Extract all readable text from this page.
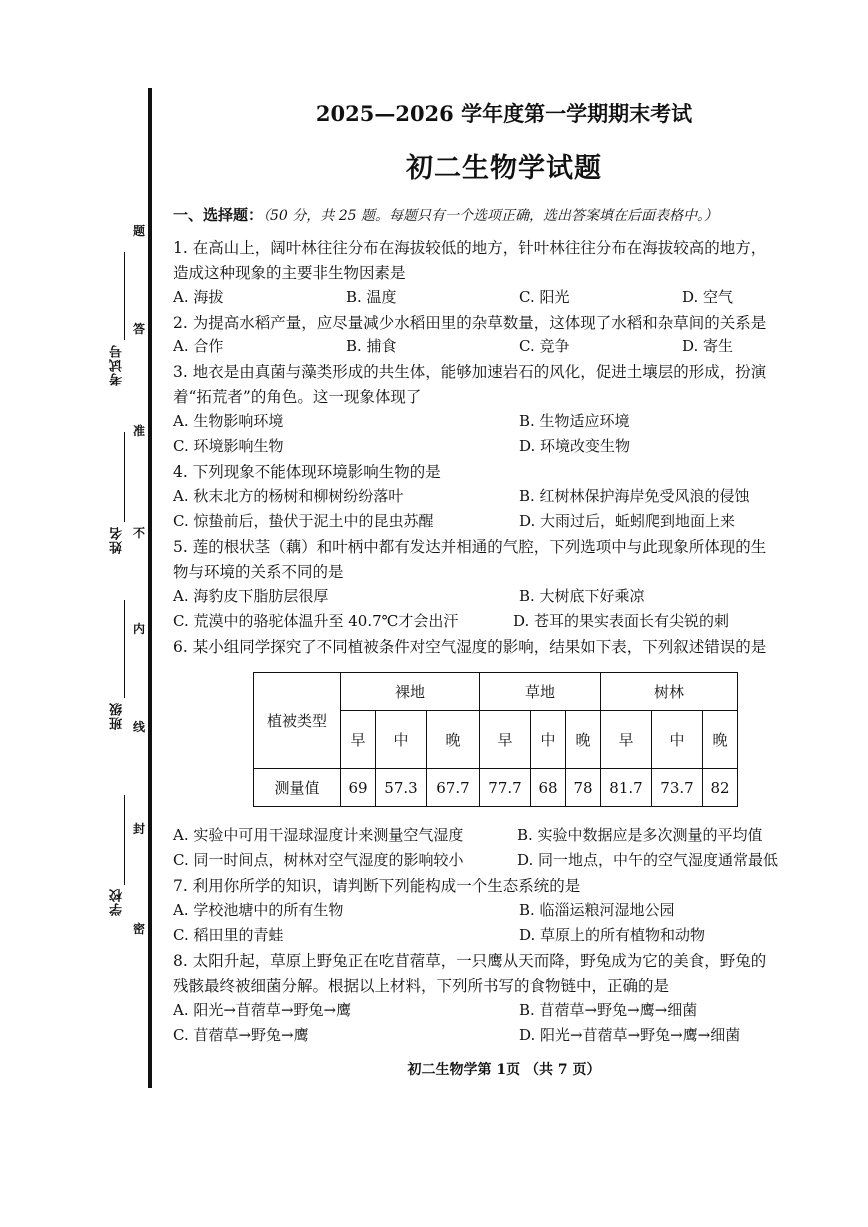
考试号
姓名
班级
学校
题
答
准
不
内
线
封
密
2025—2026 学年度第一学期期末考试
初二生物学试题
一、选择题：（50 分，共 25 题。每题只有一个选项正确，选出答案填在后面表格中。）
1. 在高山上，阔叶林往往分布在海拔较低的地方，针叶林往往分布在海拔较高的地方，
造成这种现象的主要非生物因素是
A. 海拔	B. 温度	C. 阳光	D. 空气
2. 为提高水稻产量，应尽量减少水稻田里的杂草数量，这体现了水稻和杂草间的关系是
A. 合作	B. 捕食	C. 竞争	D. 寄生
3. 地衣是由真菌与藻类形成的共生体，能够加速岩石的风化，促进土壤层的形成，扮演
着“拓荒者”的角色。这一现象体现了
A. 生物影响环境	B. 生物适应环境
C. 环境影响生物	D. 环境改变生物
4. 下列现象不能体现环境影响生物的是
A. 秋末北方的杨树和柳树纷纷落叶	B. 红树林保护海岸免受风浪的侵蚀
C. 惊蛰前后，蛰伏于泥土中的昆虫苏醒	D. 大雨过后，蚯蚓爬到地面上来
5. 莲的根状茎（藕）和叶柄中都有发达并相通的气腔，下列选项中与此现象所体现的生
物与环境的关系不同的是
A. 海豹皮下脂肪层很厚	B. 大树底下好乘凉
C. 荒漠中的骆驼体温升至 40.7℃才会出汗	D. 苍耳的果实表面长有尖锐的刺
6. 某小组同学探究了不同植被条件对空气湿度的影响，结果如下表，下列叙述错误的是
植被类型	裸地			草地			树林		
	早	中	晚	早	中	晚	早	中	晚
测量值	69	57.3	67.7	77.7	68	78	81.7	73.7	82
A. 实验中可用干湿球湿度计来测量空气湿度	B. 实验中数据应是多次测量的平均值
C. 同一时间点，树林对空气湿度的影响较小	D. 同一地点，中午的空气湿度通常最低
7. 利用你所学的知识，请判断下列能构成一个生态系统的是
A. 学校池塘中的所有生物	B. 临淄运粮河湿地公园
C. 稻田里的青蛙	D. 草原上的所有植物和动物
8. 太阳升起，草原上野兔正在吃苜蓿草，一只鹰从天而降，野兔成为它的美食，野兔的
残骸最终被细菌分解。根据以上材料，下列所书写的食物链中，正确的是
A. 阳光→苜蓿草→野兔→鹰	B. 苜蓿草→野兔→鹰→细菌
C. 苜蓿草→野兔→鹰	D. 阳光→苜蓿草→野兔→鹰→细菌
初二生物学第 1页 （共 7 页）
